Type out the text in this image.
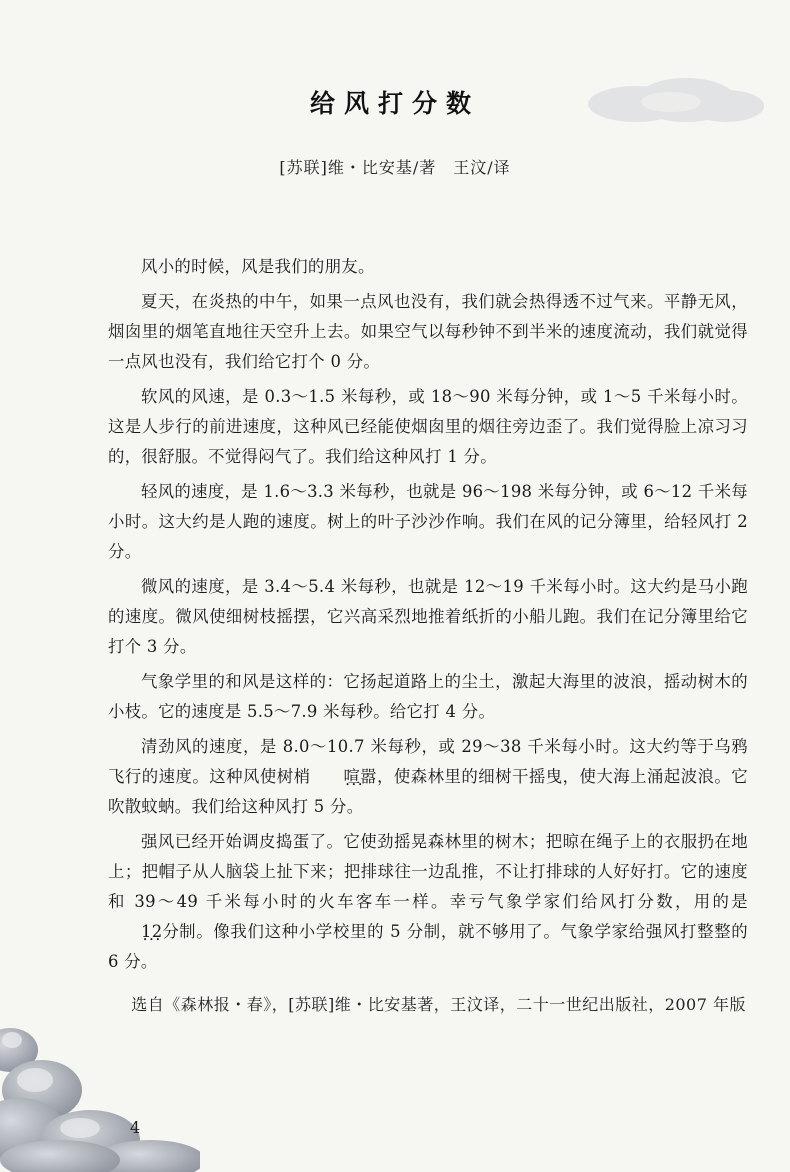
给风打分数
[苏联]维・比安基/著　王汶/译

风小的时候，风是我们的朋友。

夏天，在炎热的中午，如果一点风也没有，我们就会热得透不过气来。平静无风，烟囱里的烟笔直地往天空升上去。如果空气以每秒钟不到半米的速度流动，我们就觉得一点风也没有，我们给它打个 0 分。

软风的风速，是 0.3～1.5 米每秒，或 18～90 米每分钟，或 1～5 千米每小时。这是人步行的前进速度，这种风已经能使烟囱里的烟往旁边歪了。我们觉得脸上凉习习的，很舒服。不觉得闷气了。我们给这种风打 1 分。

轻风的速度，是 1.6～3.3 米每秒，也就是 96～198 米每分钟，或 6～12 千米每小时。这大约是人跑的速度。树上的叶子沙沙作响。我们在风的记分簿里，给轻风打 2 分。

微风的速度，是 3.4～5.4 米每秒，也就是 12～19 千米每小时。这大约是马小跑的速度。微风使细树枝摇摆，它兴高采烈地推着纸折的小船儿跑。我们在记分簿里给它打个 3 分。

气象学里的和风是这样的：它扬起道路上的尘土，激起大海里的波浪，摇动树木的小枝。它的速度是 5.5～7.9 米每秒。给它打 4 分。

清劲风的速度，是 8.0～10.7 米每秒，或 29～38 千米每小时。这大约等于乌鸦飞行的速度。这种风使树梢 喧嚣 • • •，使森林里的细树干摇曳，使大海上涌起波浪。它吹散蚊蚋。我们给这种风打 5 分。

强风已经开始调皮捣蛋了。它使劲摇晃森林里的树木；把晾在绳子上的衣服扔在地上；把帽子从人脑袋上扯下来；把排球往一边乱推，不让打排球的人好好打。它的速度和 39～49 千米每小时的火车客车一样。幸亏气象学家们给风打分数，用的是12分制 • • •。像我们这种小学校里的 5 分制，就不够用了。气象学家给强风打整整的 6 分。

选自《森林报・春》，[苏联]维・比安基著，王汶译，二十一世纪出版社，2007 年版
4
